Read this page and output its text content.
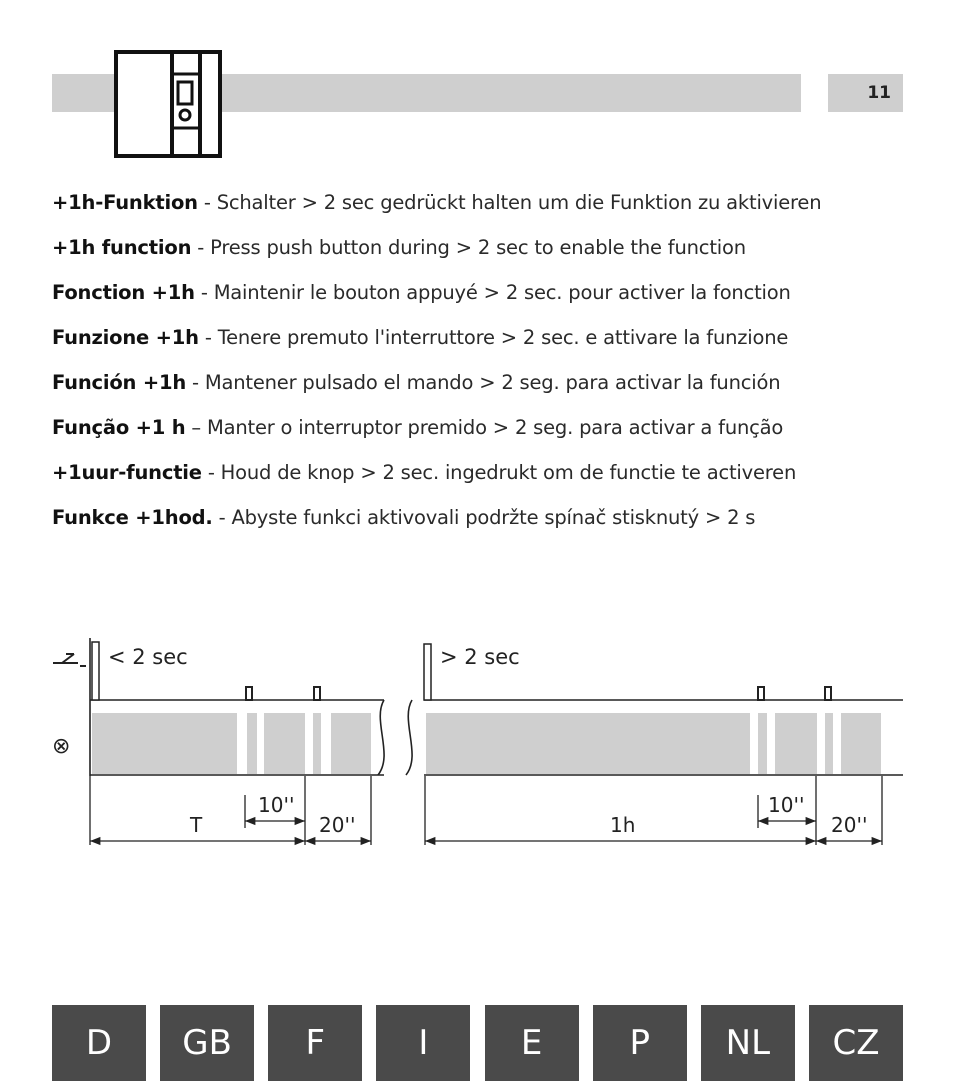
11
+1h-Funktion - Schalter > 2 sec gedrückt halten um die Funktion zu aktivieren
+1h function - Press push button during > 2 sec to enable the function
Fonction +1h - Maintenir le bouton appuyé > 2 sec. pour activer la fonction
Funzione +1h - Tenere premuto l'interruttore > 2 sec. e attivare la funzione
Función +1h - Mantener pulsado el mando > 2 seg. para activar la función
Função +1 h – Manter o interruptor premido > 2 seg. para activar a função
+1uur-functie - Houd de knop > 2 sec. ingedrukt om de functie te activeren
Funkce +1hod. - Abyste funkci aktivovali podržte spínač stisknutý > 2 s
⊗
< 2 sec	> 2 sec
10''
T	20''
10''
1h	20''
D	GB	F	I	E	P	NL	CZ
